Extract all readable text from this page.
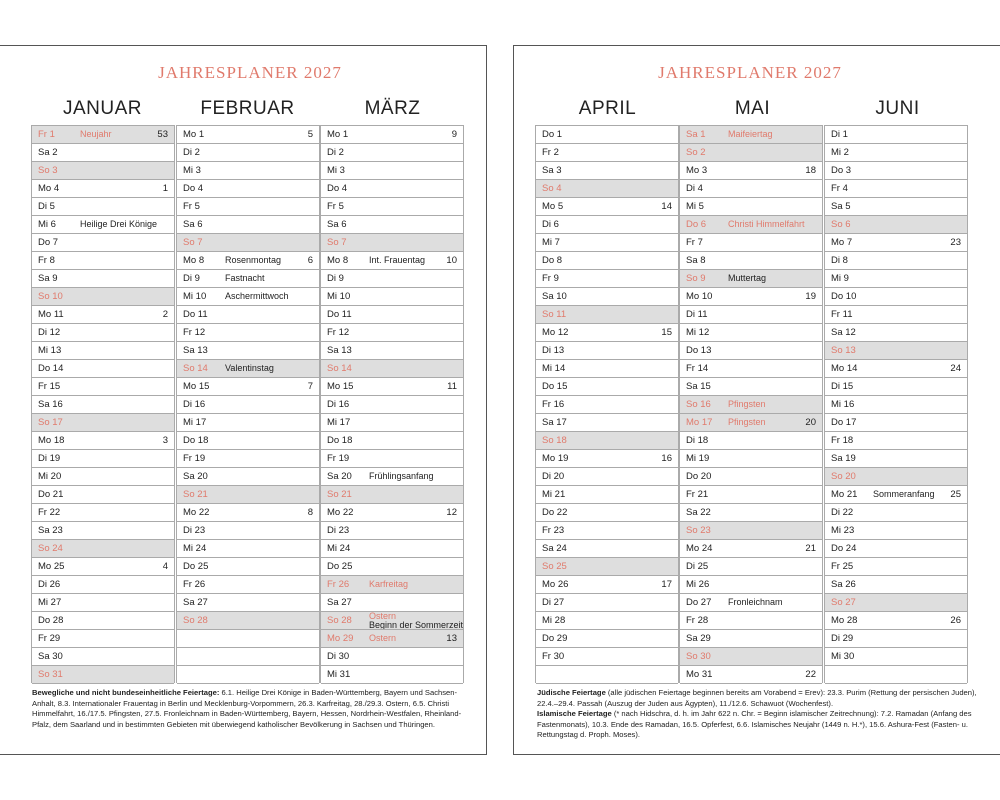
JAHRESPLANER 2027	JAHRESPLANER 2027
JANUAR	FEBRUAR	MÄRZ	APRIL	MAI	JUNI
Fr 1	Neujahr	53
Sa 2
So 3
Mo 4	1
Di 5
Mi 6	Heilige Drei Könige
Do 7
Fr 8
Sa 9
So 10
Mo 11	2
Di 12
Mi 13
Do 14
Fr 15
Sa 16
So 17
Mo 18	3
Di 19
Mi 20
Do 21
Fr 22
Sa 23
So 24
Mo 25	4
Di 26
Mi 27
Do 28
Fr 29
Sa 30
So 31
Mo 1	5
Di 2
Mi 3
Do 4
Fr 5
Sa 6
So 7
Mo 8 Rosenmontag	6
Di 9	Fastnacht
Mi 10 Aschermittwoch
Do 11
Fr 12
Sa 13
So 14 Valentinstag
Mo 15	7
Di 16
Mi 17
Do 18
Fr 19
Sa 20
So 21
Mo 22	8
Di 23
Mi 24
Do 25
Fr 26
Sa 27
So 28
Mo 1	9
Di 2
Mi 3
Do 4
Fr 5
Sa 6
So 7
Mo 8 Int. Frauentag 10
Di 9
Mi 10
Do 11
Fr 12
Sa 13
So 14
Mo 15	11
Di 16
Mi 17
Do 18
Fr 19
Sa 20 Frühlingsanfang
So 21
Mo 22	12
Di 23
Mi 24
Do 25
Fr 26 Karfreitag
Sa 27
So 28 Ostern
Beginn der Sommerzeit
Mo 29 Ostern	13
Di 30
Mi 31
Do 1
Fr 2
Sa 3
So 4
Mo 5	14
Di 6
Mi 7
Do 8
Fr 9
Sa 10
So 11
Mo 12	15
Di 13
Mi 14
Do 15
Fr 16
Sa 17
So 18
Mo 19	16
Di 20
Mi 21
Do 22
Fr 23
Sa 24
So 25
Mo 26	17
Di 27
Mi 28
Do 29
Fr 30
Sa 1 Maifeiertag
So 2
Mo 3	18
Di 4
Mi 5
Do 6 Christi Himmelfahrt
Fr 7
Sa 8
So 9 Muttertag
Mo 10	19
Di 11
Mi 12
Do 13
Fr 14
Sa 15
So 16 Pfingsten
Mo 17 Pfingsten	20
Di 18
Mi 19
Do 20
Fr 21
Sa 22
So 23
Mo 24	21
Di 25
Mi 26
Do 27 Fronleichnam
Fr 28
Sa 29
So 30
Mo 31	22
Di 1
Mi 2
Do 3
Fr 4
Sa 5
So 6
Mo 7	23
Di 8
Mi 9
Do 10
Fr 11
Sa 12
So 13
Mo 14	24
Di 15
Mi 16
Do 17
Fr 18
Sa 19
So 20
Mo 21 Sommeranfang 25
Di 22
Mi 23
Do 24
Fr 25
Sa 26
So 27
Mo 28	26
Di 29
Mi 30
Bewegliche und nicht bundeseinheitliche Feiertage: 6.1. Heilige Drei Könige in Baden-Württemberg, Bayern und Sachsen-Anhalt, 8.3. Internationaler Frauentag in Berlin und Mecklenburg-Vorpommern, 26.3. Karfreitag, 28./29.3. Ostern, 6.5. Christi Himmelfahrt, 16./17.5. Pfingsten, 27.5. Fronleichnam in Baden-Württemberg, Bayern, Hessen, Nordrhein-Westfalen, Rheinland-Pfalz, dem Saarland und in bestimmten Gebieten mit überwiegend katholischer Bevölkerung in Sachsen und Thüringen.
Jüdische Feiertage (alle jüdischen Feiertage beginnen bereits am Vorabend = Erev): 23.3. Purim (Rettung der persischen Juden), 22.4.–29.4. Passah (Auszug der Juden aus Ägypten), 11./12.6. Schawuot (Wochenfest).
Islamische Feiertage (* nach Hidschra, d. h. im Jahr 622 n. Chr. = Beginn islamischer Zeitrechnung): 7.2. Ramadan (Anfang des Fastenmonats), 10.3. Ende des Ramadan, 16.5. Opferfest, 6.6. Islamisches Neujahr (1449 n. H.*), 15.6. Ashura-Fest (Fasten- u. Rettungstag d. Proph. Moses).
